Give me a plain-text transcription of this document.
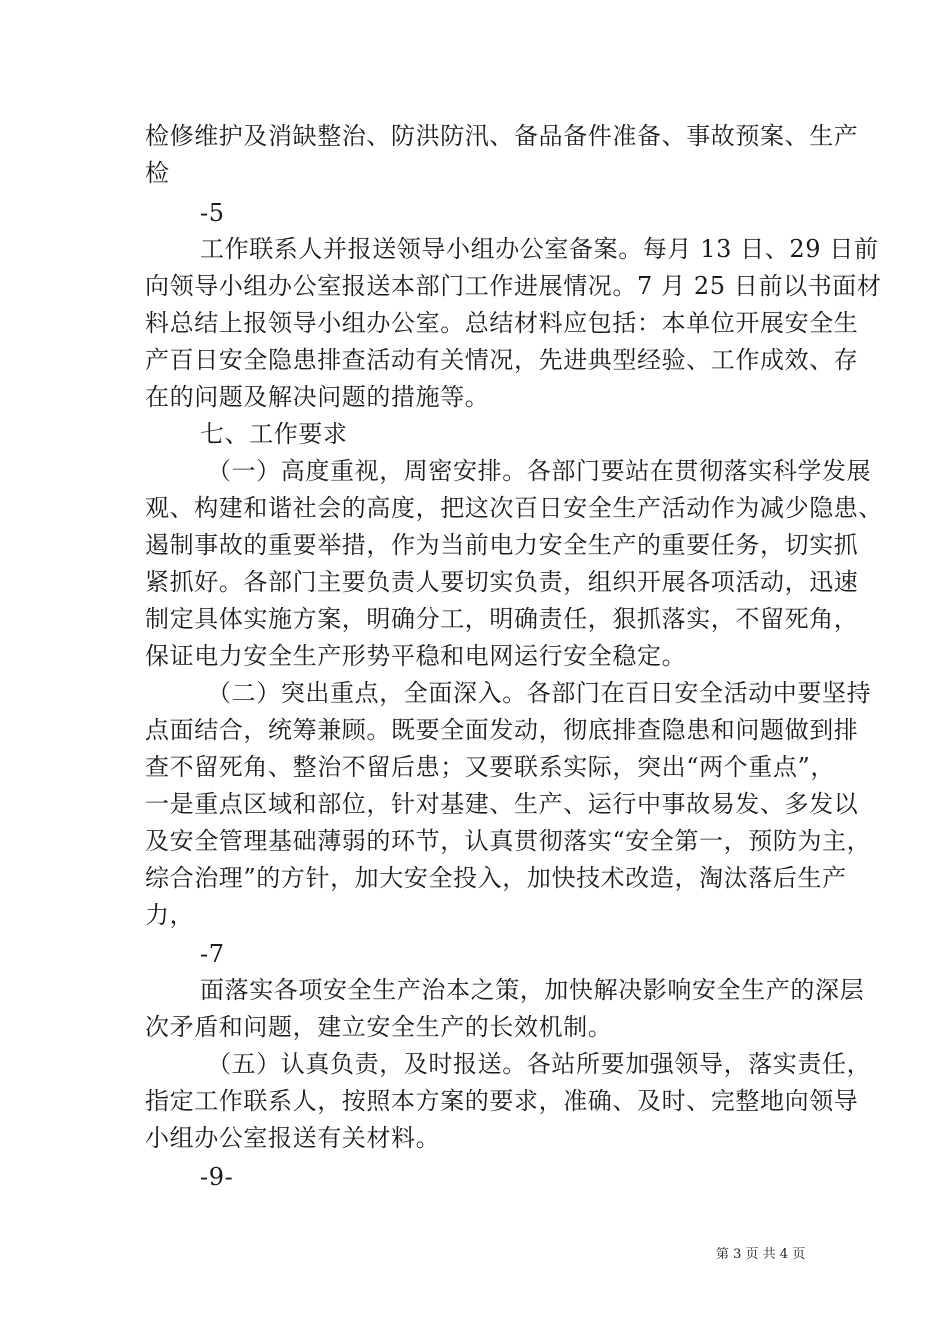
检修维护及消缺整治、防洪防汛、备品备件准备、事故预案、生产

检

-5

工作联系人并报送领导小组办公室备案。每月 13 日、29 日前

向领导小组办公室报送本部门工作进展情况。7 月 25 日前以书面材

料总结上报领导小组办公室。总结材料应包括：本单位开展安全生

产百日安全隐患排查活动有关情况，先进典型经验、工作成效、存

在的问题及解决问题的措施等。

七、工作要求

（一）高度重视，周密安排。各部门要站在贯彻落实科学发展

观、构建和谐社会的高度，把这次百日安全生产活动作为减少隐患、

遏制事故的重要举措，作为当前电力安全生产的重要任务，切实抓

紧抓好。各部门主要负责人要切实负责，组织开展各项活动，迅速

制定具体实施方案，明确分工，明确责任，狠抓落实，不留死角，

保证电力安全生产形势平稳和电网运行安全稳定。

（二）突出重点，全面深入。各部门在百日安全活动中要坚持

点面结合，统筹兼顾。既要全面发动，彻底排查隐患和问题做到排

查不留死角、整治不留后患；又要联系实际，突出“两个重点”，

一是重点区域和部位，针对基建、生产、运行中事故易发、多发以

及安全管理基础薄弱的环节，认真贯彻落实“安全第一，预防为主，

综合治理”的方针，加大安全投入，加快技术改造，淘汰落后生产

力，

-7

面落实各项安全生产治本之策，加快解决影响安全生产的深层

次矛盾和问题，建立安全生产的长效机制。

（五）认真负责，及时报送。各站所要加强领导，落实责任，

指定工作联系人，按照本方案的要求，准确、及时、完整地向领导

小组办公室报送有关材料。

-9-

第 3 页 共 4 页
